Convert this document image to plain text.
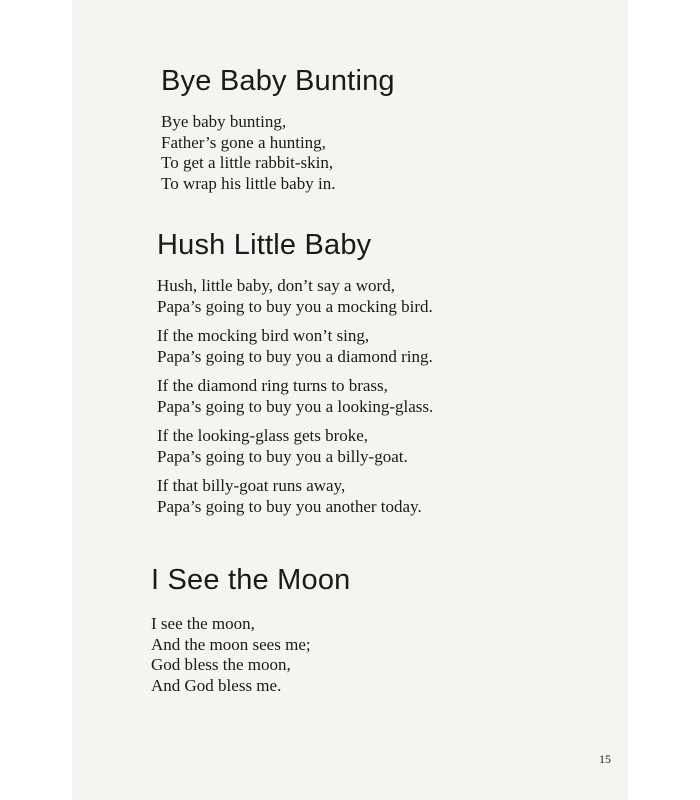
Bye Baby Bunting
Bye baby bunting,
Father’s gone a hunting,
To get a little rabbit-skin,
To wrap his little baby in.
Hush Little Baby
Hush, little baby, don’t say a word,
Papa’s going to buy you a mocking bird.
If the mocking bird won’t sing,
Papa’s going to buy you a diamond ring.
If the diamond ring turns to brass,
Papa’s going to buy you a looking-glass.
If the looking-glass gets broke,
Papa’s going to buy you a billy-goat.
If that billy-goat runs away,
Papa’s going to buy you another today.
I See the Moon
I see the moon,
And the moon sees me;
God bless the moon,
And God bless me.
15
